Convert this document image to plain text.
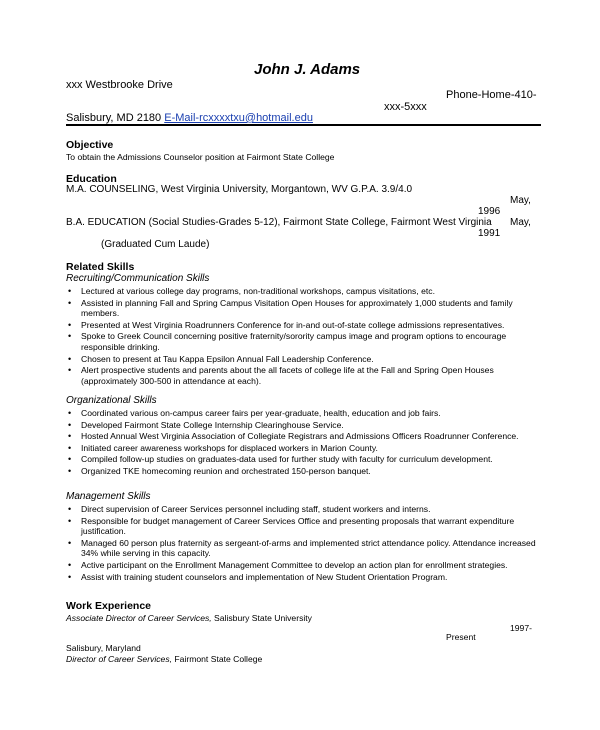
John J. Adams
xxx Westbrooke Drive
Phone-Home-410-
xxx-5xxx
Salisbury, MD 2180 E-Mail-rcxxxxtxu@hotmail.edu
Objective
To obtain the Admissions Counselor position at Fairmont State College
Education
M.A. COUNSELING, West Virginia University, Morgantown, WV G.P.A. 3.9/4.0
May,
1996
B.A. EDUCATION (Social Studies-Grades 5-12), Fairmont State College, Fairmont West Virginia May,
1991
(Graduated Cum Laude)
Related Skills
Recruiting/Communication Skills
• Lectured at various college day programs, non-traditional workshops, campus visitations, etc.
• Assisted in planning Fall and Spring Campus Visitation Open Houses for approximately 1,000 students and family members.
• Presented at West Virginia Roadrunners Conference for in-and out-of-state college admissions representatives.
• Spoke to Greek Council concerning positive fraternity/sorority campus image and program options to encourage responsible drinking.
• Chosen to present at Tau Kappa Epsilon Annual Fall Leadership Conference.
• Alert prospective students and parents about the all facets of college life at the Fall and Spring Open Houses (approximately 300-500 in attendance at each).
Organizational Skills
• Coordinated various on-campus career fairs per year-graduate, health, education and job fairs.
• Developed Fairmont State College Internship Clearinghouse Service.
• Hosted Annual West Virginia Association of Collegiate Registrars and Admissions Officers Roadrunner Conference.
• Initiated career awareness workshops for displaced workers in Marion County.
• Compiled follow-up studies on graduates-data used for further study with faculty for curriculum development.
• Organized TKE homecoming reunion and orchestrated 150-person banquet.
Management Skills
• Direct supervision of Career Services personnel including staff, student workers and interns.
• Responsible for budget management of Career Services Office and presenting proposals that warrant expenditure justification.
• Managed 60 person plus fraternity as sergeant-of-arms and implemented strict attendance policy. Attendance increased 34% while serving in this capacity.
• Active participant on the Enrollment Management Committee to develop an action plan for enrollment strategies.
• Assist with training student counselors and implementation of New Student Orientation Program.
Work Experience
Associate Director of Career Services, Salisbury State University
1997-
Present
Salisbury, Maryland
Director of Career Services, Fairmont State College
